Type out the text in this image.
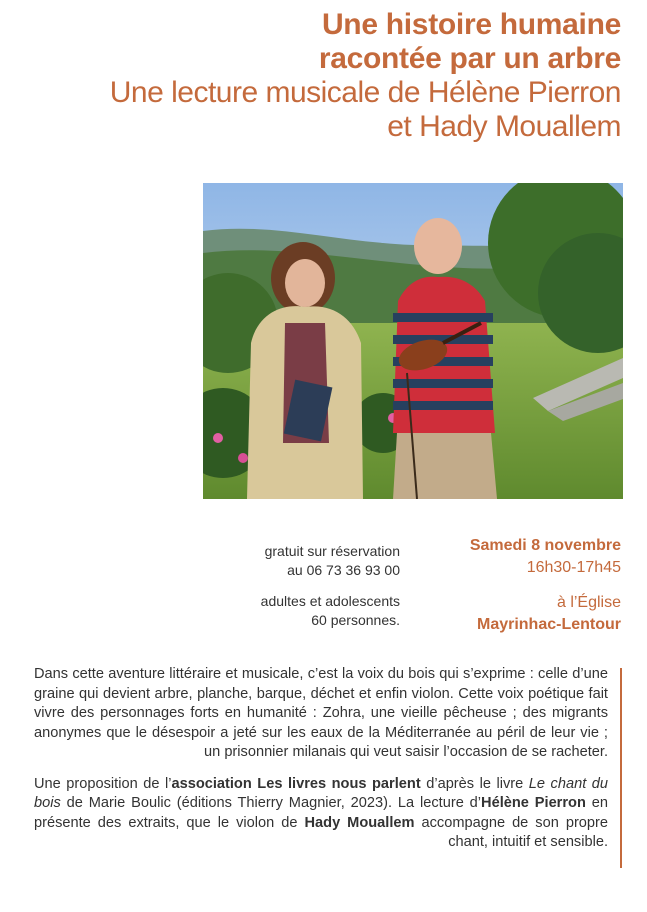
Une histoire humaine
racontée par un arbre
Une lecture musicale de Hélène Pierron
et Hady Mouallem
gratuit sur réservation
au 06 73 36 93 00
adultes et adolescents
60 personnes.
Samedi 8 novembre
16h30-17h45
à l’Église
Mayrinhac-Lentour

Dans cette aventure littéraire et musicale, c’est la voix du bois qui s’exprime : celle d’une graine qui devient arbre, planche, barque, déchet et enfin violon. Cette voix poétique fait vivre des personnages forts en humanité : Zohra, une vieille pêcheuse ; des migrants anonymes que le désespoir a jeté sur les eaux de la Méditerranée au péril de leur vie ; un prisonnier milanais qui veut saisir l’occasion de se racheter.

Une proposition de l’association Les livres nous parlent d’après le livre Le chant du bois de Marie Boulic (éditions Thierry Magnier, 2023). La lecture d’Hélène Pierron en présente des extraits, que le violon de Hady Mouallem accompagne de son propre chant, intuitif et sensible.
